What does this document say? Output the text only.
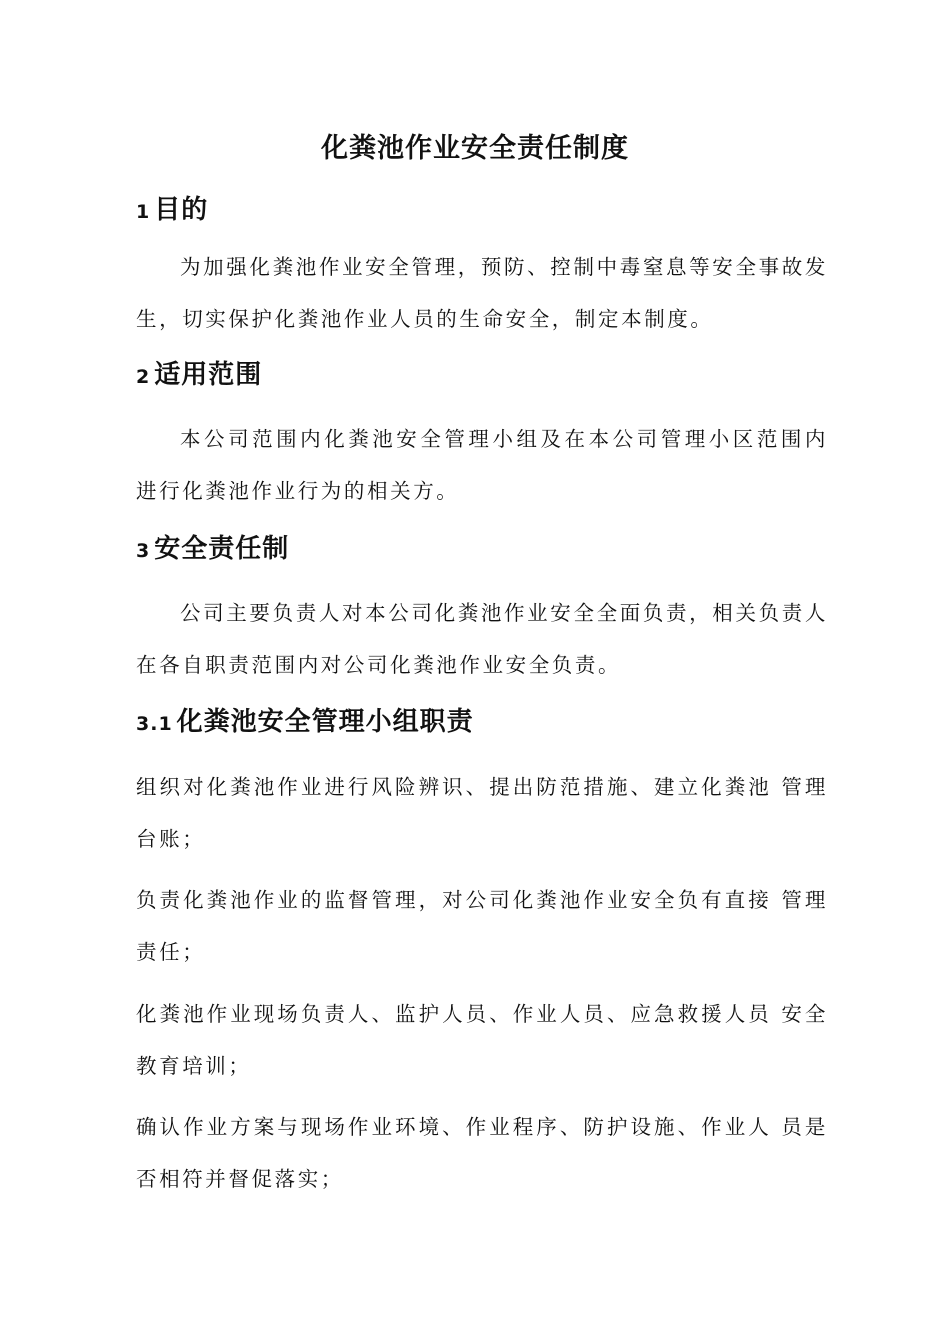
化粪池作业安全责任制度
1 目的
为加强化粪池作业安全管理，预防、控制中毒窒息等安全事故发生，切实保护化粪池作业人员的生命安全，制定本制度。
2 适用范围
本公司范围内化粪池安全管理小组及在本公司管理小区范围内 进行化粪池作业行为的相关方。
3 安全责任制
公司主要负责人对本公司化粪池作业安全全面负责，相关负责人 在各自职责范围内对公司化粪池作业安全负责。
3.1 化粪池安全管理小组职责
组织对化粪池作业进行风险辨识、提出防范措施、建立化粪池 管理台账；
负责化粪池作业的监督管理，对公司化粪池作业安全负有直接 管理责任；
化粪池作业现场负责人、监护人员、作业人员、应急救援人员 安全教育培训；
确认作业方案与现场作业环境、作业程序、防护设施、作业人 员是否相符并督促落实；
